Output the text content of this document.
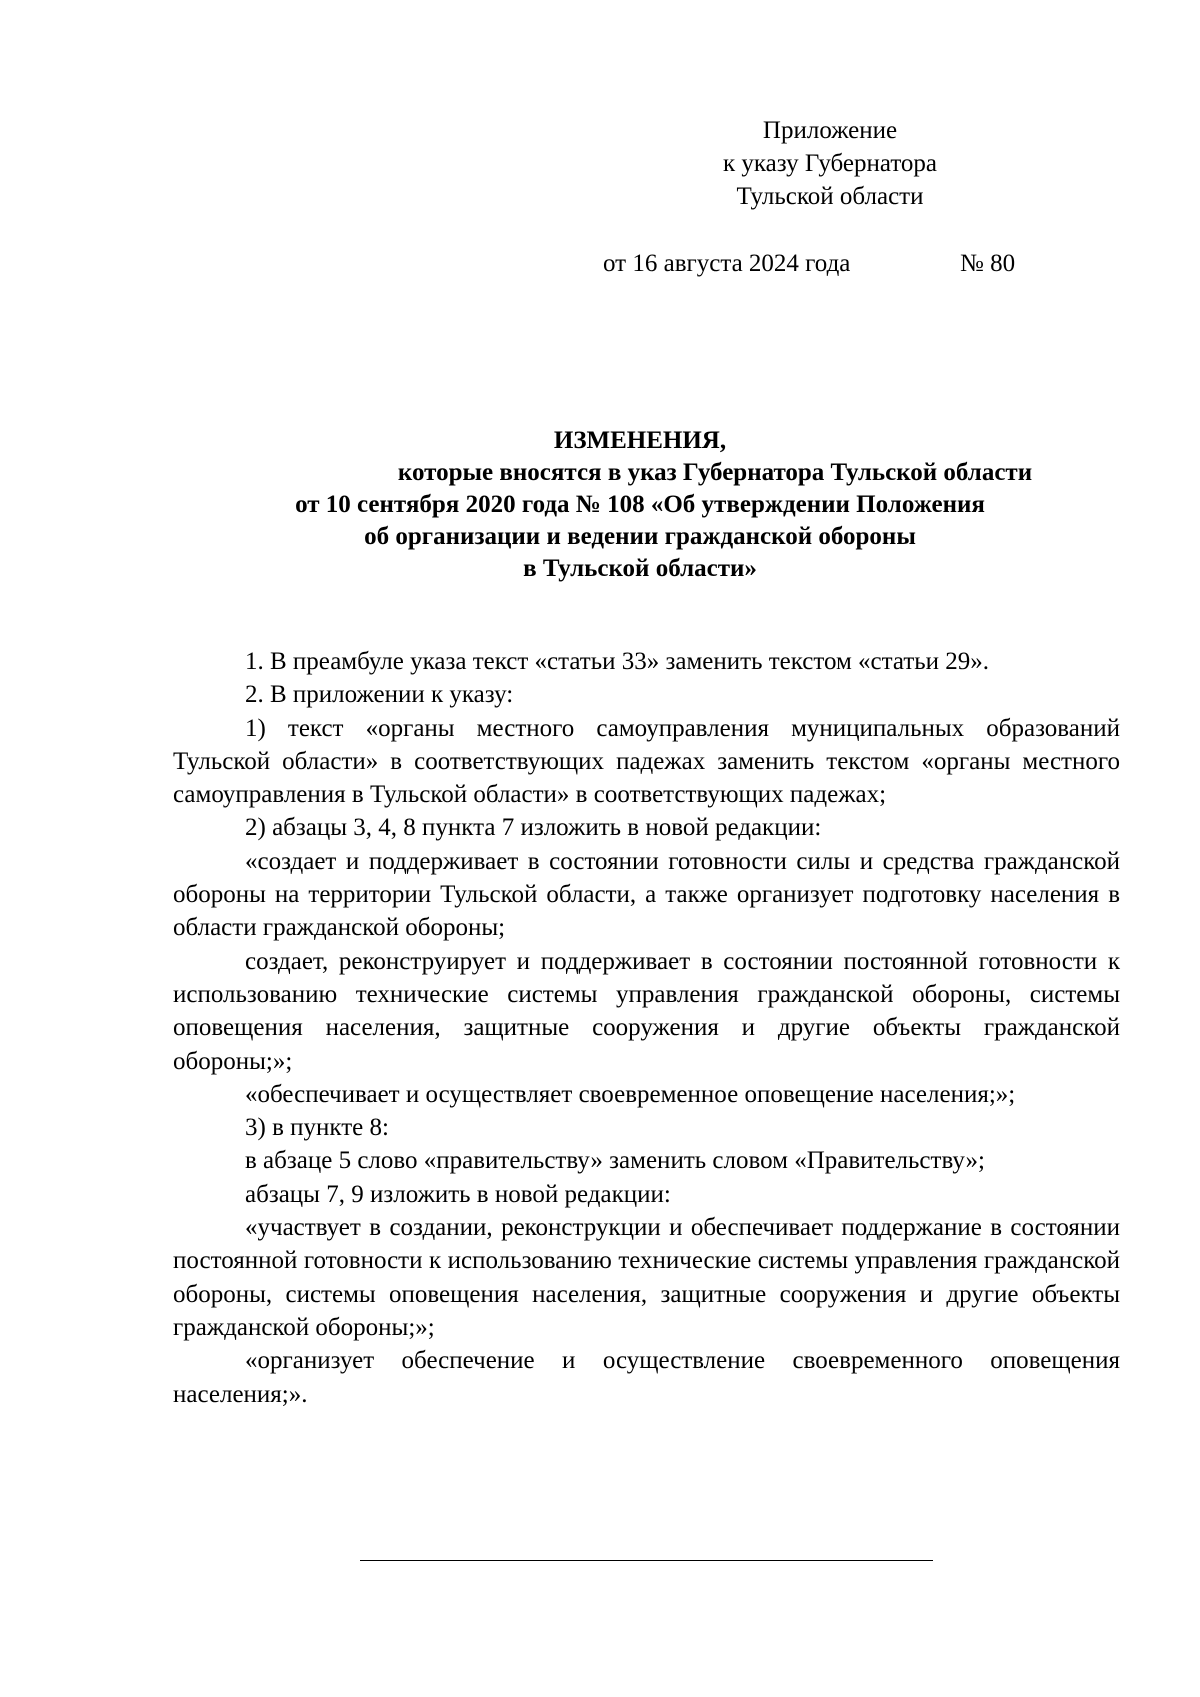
Приложение
к указу Губернатора
Тульской области
от 16 августа 2024 года	№ 80
ИЗМЕНЕНИЯ,
которые вносятся в указ Губернатора Тульской области
от 10 сентября 2020 года № 108 «Об утверждении Положения
об организации и ведении гражданской обороны
в Тульской области»

1. В преамбуле указа текст «статьи 33» заменить текстом «статьи 29».

2. В приложении к указу:

1) текст «органы местного самоуправления муниципальных образований Тульской области» в соответствующих падежах заменить текстом «органы местного самоуправления в Тульской области» в соответствующих падежах;

2) абзацы 3, 4, 8 пункта 7 изложить в новой редакции:

«создает и поддерживает в состоянии готовности силы и средства гражданской обороны на территории Тульской области, а также организует подготовку населения в области гражданской обороны;

создает, реконструирует и поддерживает в состоянии постоянной готовности к использованию технические системы управления гражданской обороны, системы оповещения населения, защитные сооружения и другие объекты гражданской обороны;»;

«обеспечивает и осуществляет своевременное оповещение населения;»;

3) в пункте 8:

в абзаце 5 слово «правительству» заменить словом «Правительству»;

абзацы 7, 9 изложить в новой редакции:

«участвует в создании, реконструкции и обеспечивает поддержание в состоянии постоянной готовности к использованию технические системы управления гражданской обороны, системы оповещения населения, защитные сооружения и другие объекты гражданской обороны;»;

«организует обеспечение и осуществление своевременного оповещения населения;».
